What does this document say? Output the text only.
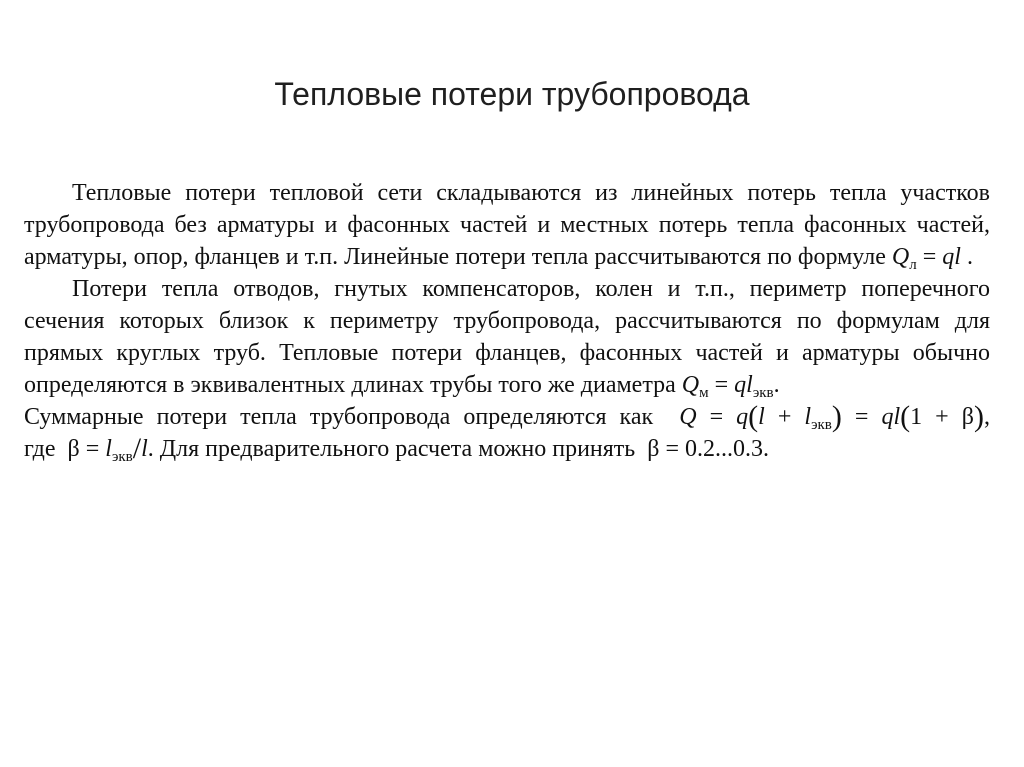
Тепловые потери трубопровода

Тепловые потери тепловой сети складываются из линейных потерь тепла участков трубопровода без арматуры и фасонных частей и местных потерь тепла фасонных частей, арматуры, опор, фланцев и т.п. Линейные потери тепла рассчитываются по формуле $Q_л$ = ql .

Потери тепла отводов, гнутых компенсаторов, колен и т.п., периметр поперечного сечения которых близок к периметру трубопровода, рассчитываются по формулам для прямых круглых труб. Тепловые потери фланцев, фасонных частей и арматуры обычно определяются в эквивалентных длинах трубы того же диаметра $Q_м = ql_{экв}$.

Суммарные потери тепла трубопровода определяются как $Q = q(l + l_{экв}) = ql(1 + \beta)$, где $\beta = l_{экв}/l$. Для предварительного расчета можно принять β = 0.2...0.3.
